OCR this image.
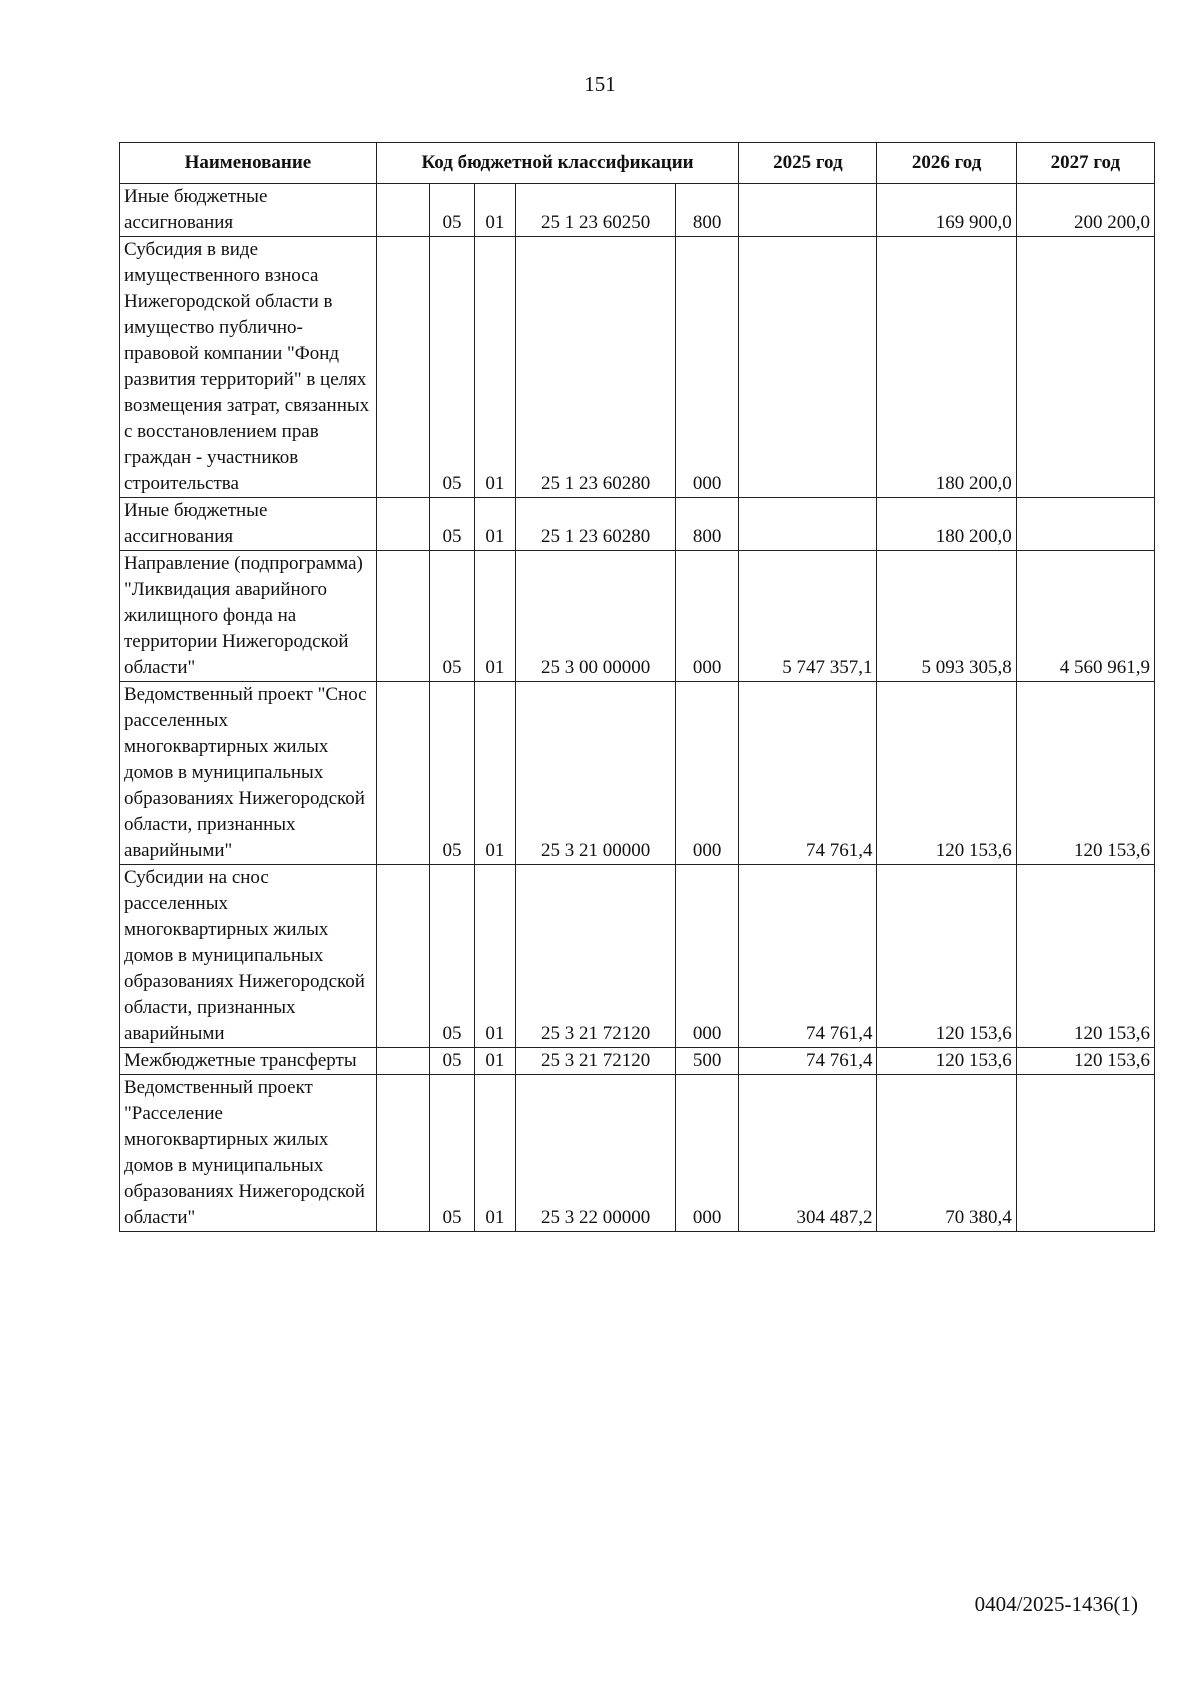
151
Наименование	Код бюджетной классификации					2025 год	2026 год	2027 год
Иные бюджетные ассигнования		05	01	25 1 23 60250	800		169 900,0	200 200,0
Субсидия в виде имущественного взноса Нижегородской области в имущество публично-правовой компании "Фонд развития территорий" в целях возмещения затрат, связанных с восстановлением прав граждан - участников строительства		05	01	25 1 23 60280	000		180 200,0	
Иные бюджетные ассигнования		05	01	25 1 23 60280	800		180 200,0	
Направление (подпрограмма) "Ликвидация аварийного жилищного фонда на территории Нижегородской области"		05	01	25 3 00 00000	000	5 747 357,1	5 093 305,8	4 560 961,9
Ведомственный проект "Снос расселенных многоквартирных жилых домов в муниципальных образованиях Нижегородской области, признанных аварийными"		05	01	25 3 21 00000	000	74 761,4	120 153,6	120 153,6
Субсидии на снос расселенных многоквартирных жилых домов в муниципальных образованиях Нижегородской области, признанных аварийными		05	01	25 3 21 72120	000	74 761,4	120 153,6	120 153,6
Межбюджетные трансферты		05	01	25 3 21 72120	500	74 761,4	120 153,6	120 153,6
Ведомственный проект "Расселение многоквартирных жилых домов в муниципальных образованиях Нижегородской области"		05	01	25 3 22 00000	000	304 487,2	70 380,4	
0404/2025-1436(1)
